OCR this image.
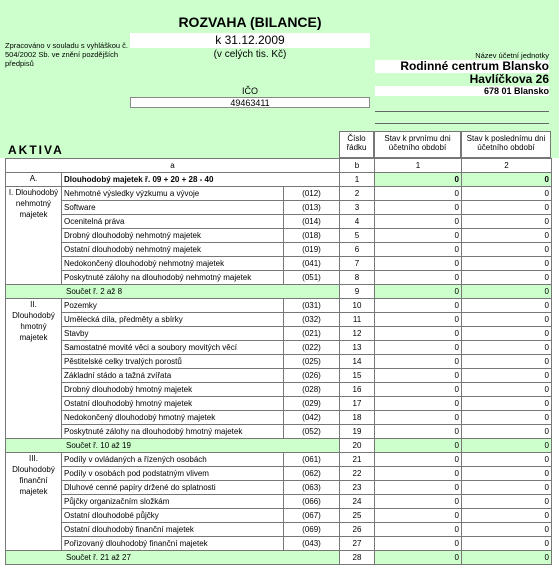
ROZVAHA (BILANCE)
k 31.12.2009
(v celých tis. Kč)
Zpracováno v souladu s vyhláškou č. 504/2002 Sb. ve znění pozdějších předpisů
Název účetní jednotky
Rodinné centrum Blansko
Havlíčkova 26
678 01 Blansko
IČO
49463411
AKTIVA
Číslo řádku
Stav k prvnímu dni účetního období
Stav k poslednímu dni účetního období
a			b	1	2
A.	Dlouhodobý majetek ř. 09 + 20 + 28 - 40		1	0	0
I. Dlouhodobý nehmotný majetek	Nehmotné výsledky výzkumu a vývoje	(012)	2	0	0
	Software	(013)	3	0	0
	Ocenitelná práva	(014)	4	0	0
	Drobný dlouhodobý nehmotný majetek	(018)	5	0	0
	Ostatní dlouhodobý nehmotný majetek	(019)	6	0	0
	Nedokončený dlouhodobý nehmotný majetek	(041)	7	0	0
	Poskytnuté zálohy na dlouhodobý nehmotný majetek	(051)	8	0	0
Součet ř. 2 až 8			9	0	0
II. Dlouhodobý hmotný majetek	Pozemky	(031)	10	0	0
	Umělecká díla, předměty a sbírky	(032)	11	0	0
	Stavby	(021)	12	0	0
	Samostatné movité věci a soubory movitých věcí	(022)	13	0	0
	Pěstitelské celky trvalých porostů	(025)	14	0	0
	Základní stádo a tažná zvířata	(026)	15	0	0
	Drobný dlouhodobý hmotný majetek	(028)	16	0	0
	Ostatní dlouhodobý hmotný majetek	(029)	17	0	0
	Nedokončený dlouhodobý hmotný majetek	(042)	18	0	0
	Poskytnuté zálohy na dlouhodobý hmotný majetek	(052)	19	0	0
Součet ř. 10 až 19			20	0	0
III. Dlouhodobý finanční majetek	Podíly v ovládaných a řízených osobách	(061)	21	0	0
	Podíly v osobách pod podstatným vlivem	(062)	22	0	0
	Dluhové cenné papíry držené do splatnosti	(063)	23	0	0
	Půjčky organizačním složkám	(066)	24	0	0
	Ostatní dlouhodobé půjčky	(067)	25	0	0
	Ostatní dlouhodobý finanční majetek	(069)	26	0	0
	Pořizovaný dlouhodobý finanční majetek	(043)	27	0	0
Součet ř. 21 až 27			28	0	0
